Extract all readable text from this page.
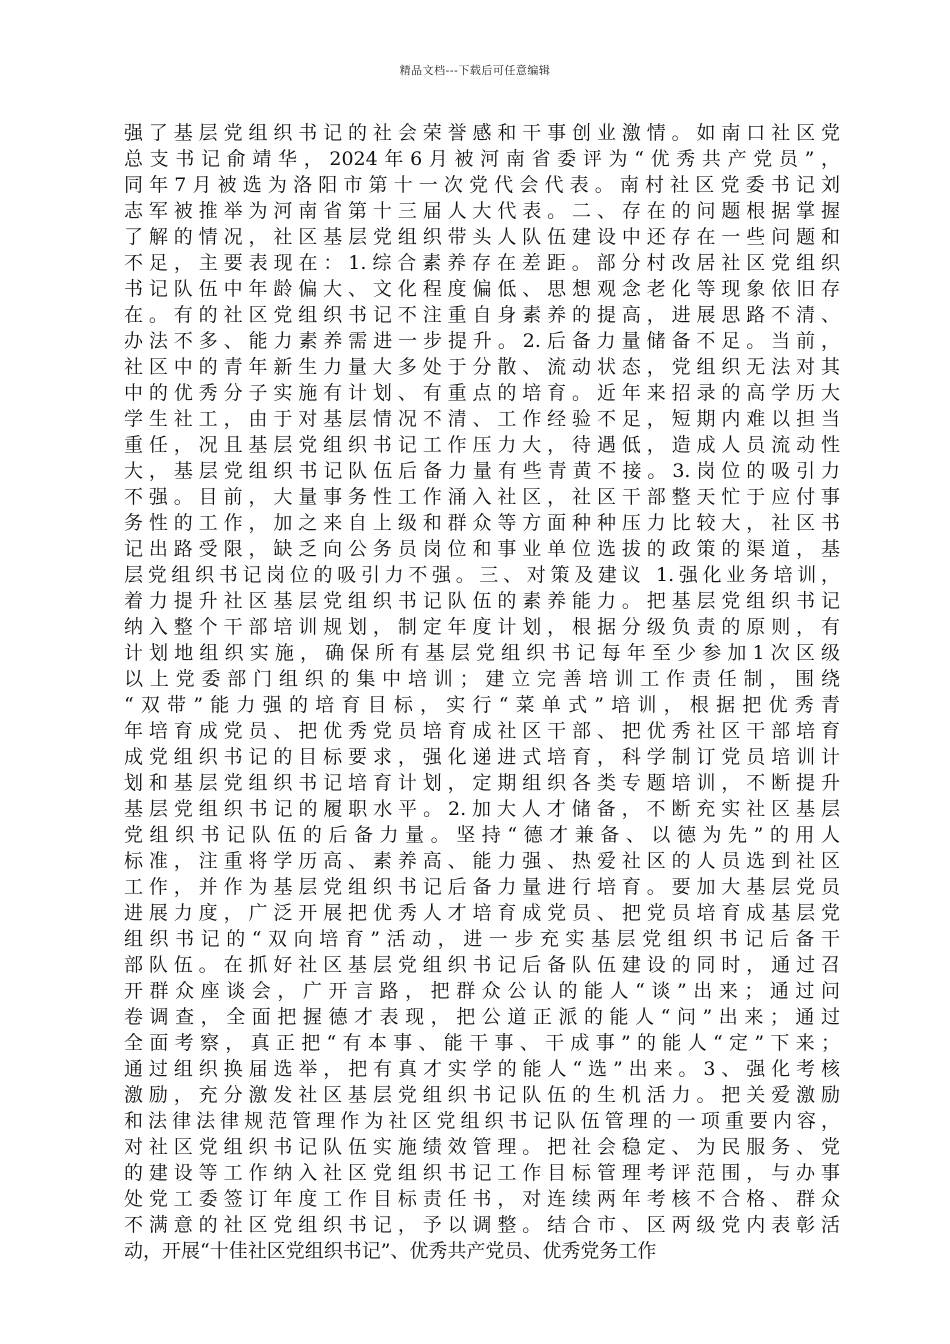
精品文档---下载后可任意编辑
强了基层党组织书记的社会荣誉感和干事创业激情。如南口社区党
总支书记俞靖华，2024年6月被河南省委评为“优秀共产党员”，
同年7月被选为洛阳市第十一次党代会代表。南村社区党委书记刘
志军被推举为河南省第十三届人大代表。二、存在的问题根据掌握
了解的情况，社区基层党组织带头人队伍建设中还存在一些问题和
不足，主要表现在：1.综合素养存在差距。部分村改居社区党组织
书记队伍中年龄偏大、文化程度偏低、思想观念老化等现象依旧存
在。有的社区党组织书记不注重自身素养的提高，进展思路不清、
办法不多、能力素养需进一步提升。2.后备力量储备不足。当前，
社区中的青年新生力量大多处于分散、流动状态，党组织无法对其
中的优秀分子实施有计划、有重点的培育。近年来招录的高学历大
学生社工，由于对基层情况不清、工作经验不足，短期内难以担当
重任，况且基层党组织书记工作压力大，待遇低，造成人员流动性
大，基层党组织书记队伍后备力量有些青黄不接。3.岗位的吸引力
不强。目前，大量事务性工作涌入社区，社区干部整天忙于应付事
务性的工作，加之来自上级和群众等方面种种压力比较大，社区书
记出路受限，缺乏向公务员岗位和事业单位选拔的政策的渠道，基
层党组织书记岗位的吸引力不强。三、对策及建议 1.强化业务培训，
着力提升社区基层党组织书记队伍的素养能力。把基层党组织书记
纳入整个干部培训规划，制定年度计划，根据分级负责的原则，有
计划地组织实施，确保所有基层党组织书记每年至少参加1次区级
以上党委部门组织的集中培训；建立完善培训工作责任制，围绕
“双带”能力强的培育目标，实行“菜单式”培训，根据把优秀青
年培育成党员、把优秀党员培育成社区干部、把优秀社区干部培育
成党组织书记的目标要求，强化递进式培育，科学制订党员培训计
划和基层党组织书记培育计划，定期组织各类专题培训，不断提升
基层党组织书记的履职水平。2.加大人才储备，不断充实社区基层
党组织书记队伍的后备力量。坚持“德才兼备、以德为先”的用人
标准，注重将学历高、素养高、能力强、热爱社区的人员选到社区
工作，并作为基层党组织书记后备力量进行培育。要加大基层党员
进展力度，广泛开展把优秀人才培育成党员、把党员培育成基层党
组织书记的“双向培育”活动，进一步充实基层党组织书记后备干
部队伍。在抓好社区基层党组织书记后备队伍建设的同时，通过召
开群众座谈会，广开言路，把群众公认的能人“谈”出来；通过问
卷调查，全面把握德才表现，把公道正派的能人“问”出来；通过
全面考察，真正把“有本事、能干事、干成事”的能人“定”下来；
通过组织换届选举，把有真才实学的能人“选”出来。3、强化考核
激励，充分激发社区基层党组织书记队伍的生机活力。把关爱激励
和法律法律规范管理作为社区党组织书记队伍管理的一项重要内容，
对社区党组织书记队伍实施绩效管理。把社会稳定、为民服务、党
的建设等工作纳入社区党组织书记工作目标管理考评范围，与办事
处党工委签订年度工作目标责任书，对连续两年考核不合格、群众
不满意的社区党组织书记，予以调整。结合市、区两级党内表彰活
动，开展“十佳社区党组织书记”、优秀共产党员、优秀党务工作
